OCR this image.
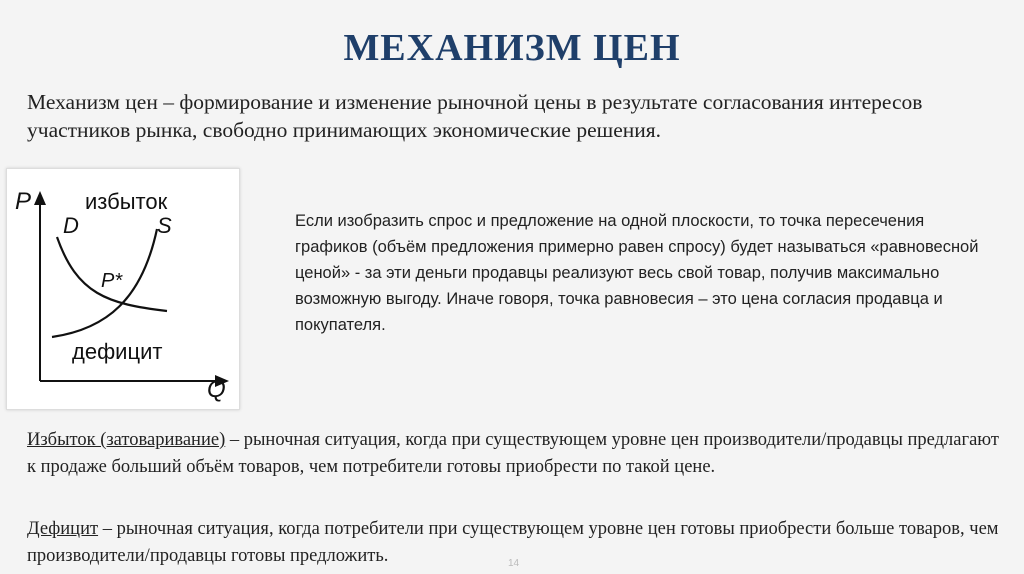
МЕХАНИЗМ ЦЕН
Механизм цен – формирование и изменение рыночной цены в результате согласования интересов участников рынка, свободно принимающих экономические решения.
P
Q
избыток
D	S
P*
дефицит
Если изобразить спрос и предложение на одной плоскости, то точка пересечения графиков (объём предложения примерно равен спросу) будет называться «равновесной ценой» - за эти деньги продавцы реализуют весь свой товар, получив максимально возможную выгоду. Иначе говоря, точка равновесия – это цена согласия продавца и покупателя.
Избыток (затоваривание) – рыночная ситуация, когда при существующем уровне цен производители/продавцы предлагают к продаже больший объём товаров, чем потребители готовы приобрести по такой цене.
Дефицит – рыночная ситуация, когда потребители при существующем уровне цен готовы приобрести больше товаров, чем производители/продавцы готовы предложить.	14
